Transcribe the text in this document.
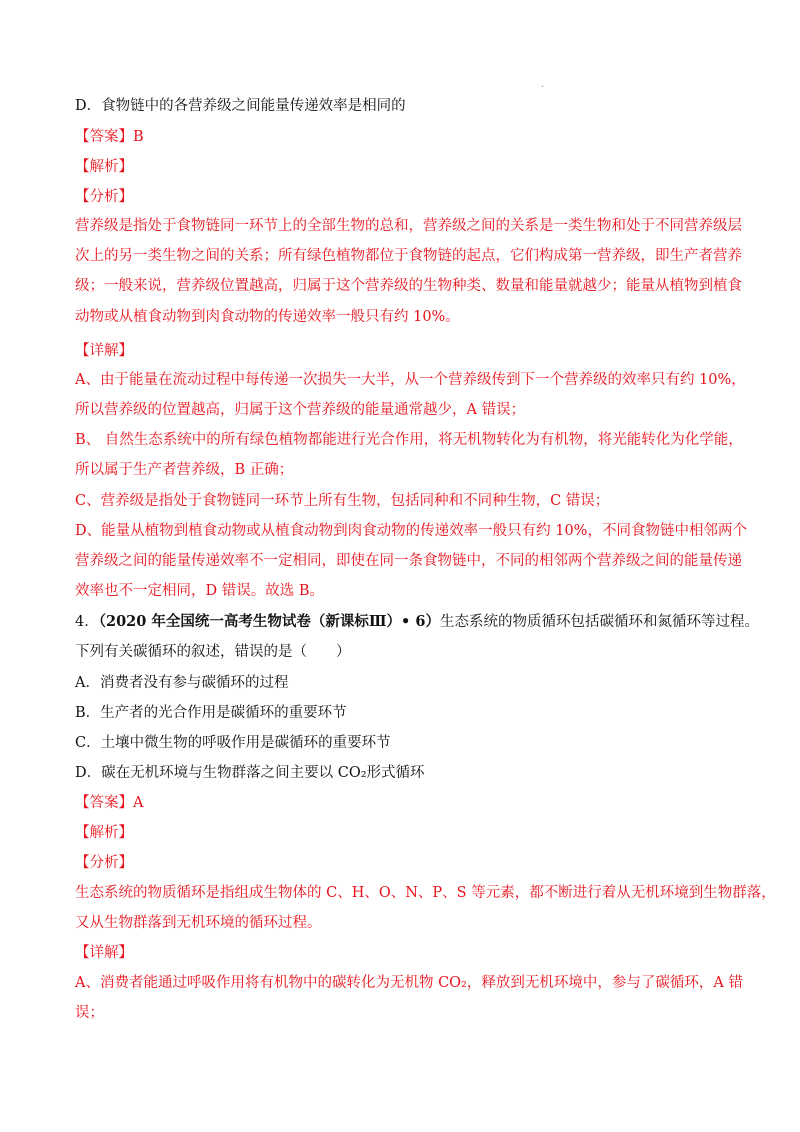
·
D．食物链中的各营养级之间能量传递效率是相同的
【答案】B
【解析】
【分析】
营养级是指处于食物链同一环节上的全部生物的总和，营养级之间的关系是一类生物和处于不同营养级层
次上的另一类生物之间的关系；所有绿色植物都位于食物链的起点，它们构成第一营养级，即生产者营养
级；一般来说，营养级位置越高，归属于这个营养级的生物种类、数量和能量就越少；能量从植物到植食
动物或从植食动物到肉食动物的传递效率一般只有约 10%。
【详解】
A、由于能量在流动过程中每传递一次损失一大半，从一个营养级传到下一个营养级的效率只有约 10%，
所以营养级的位置越高，归属于这个营养级的能量通常越少，A 错误；
B、 自然生态系统中的所有绿色植物都能进行光合作用，将无机物转化为有机物，将光能转化为化学能，
所以属于生产者营养级，B 正确；
C、营养级是指处于食物链同一环节上所有生物，包括同种和不同种生物，C 错误；
D、能量从植物到植食动物或从植食动物到肉食动物的传递效率一般只有约 10%，不同食物链中相邻两个
营养级之间的能量传递效率不一定相同，即使在同一条食物链中，不同的相邻两个营养级之间的能量传递
效率也不一定相同，D 错误。故选 B。
4．（2020 年全国统一高考生物试卷（新课标Ⅲ）• 6）生态系统的物质循环包括碳循环和氮循环等过程。
下列有关碳循环的叙述，错误的是（　　）
A．消费者没有参与碳循环的过程
B．生产者的光合作用是碳循环的重要环节
C．土壤中微生物的呼吸作用是碳循环的重要环节
D．碳在无机环境与生物群落之间主要以 CO₂形式循环
【答案】A
【解析】
【分析】
生态系统的物质循环是指组成生物体的 C、H、O、N、P、S 等元素，都不断进行着从无机环境到生物群落，
又从生物群落到无机环境的循环过程。
【详解】
A、消费者能通过呼吸作用将有机物中的碳转化为无机物 CO₂，释放到无机环境中，参与了碳循环，A 错
误；
